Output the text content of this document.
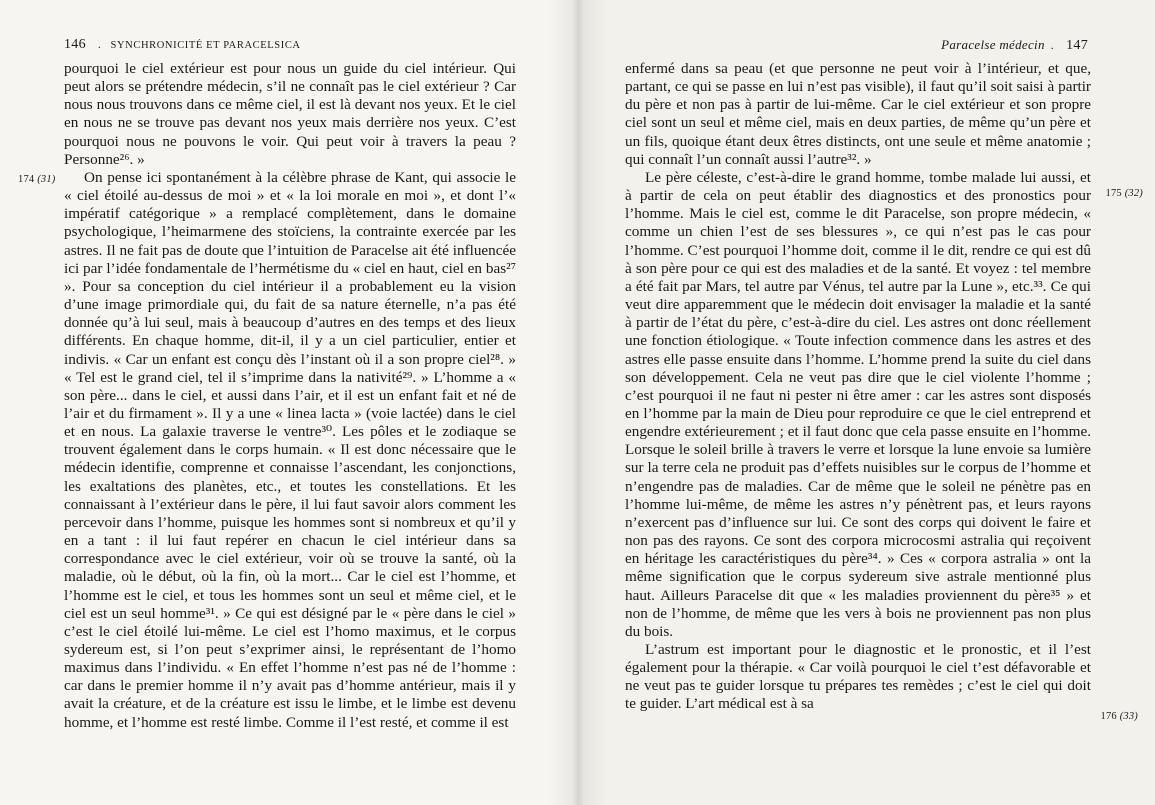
146 . SYNCHRONICITÉ ET PARACELSICA
174 (31)

pourquoi le ciel extérieur est pour nous un guide du ciel intérieur. Qui peut alors se prétendre médecin, s’il ne connaît pas le ciel extérieur ? Car nous nous trouvons dans ce même ciel, il est là devant nos yeux. Et le ciel en nous ne se trouve pas devant nos yeux mais derrière nos yeux. C’est pourquoi nous ne pouvons le voir. Qui peut voir à travers la peau ? Personne²⁶. »

On pense ici spontanément à la célèbre phrase de Kant, qui associe le « ciel étoilé au-dessus de moi » et « la loi morale en moi », et dont l’« impératif catégorique » a remplacé complètement, dans le domaine psychologique, l’heimarmene des stoïciens, la contrainte exercée par les astres. Il ne fait pas de doute que l’intuition de Paracelse ait été influencée ici par l’idée fondamentale de l’hermétisme du « ciel en haut, ciel en bas²⁷ ». Pour sa conception du ciel intérieur il a probablement eu la vision d’une image primordiale qui, du fait de sa nature éternelle, n’a pas été donnée qu’à lui seul, mais à beaucoup d’autres en des temps et des lieux différents. En chaque homme, dit-il, il y a un ciel particulier, entier et indivis. « Car un enfant est conçu dès l’instant où il a son propre ciel²⁸. » « Tel est le grand ciel, tel il s’imprime dans la nativité²⁹. » L’homme a « son père... dans le ciel, et aussi dans l’air, et il est un enfant fait et né de l’air et du firmament ». Il y a une « linea lacta » (voie lactée) dans le ciel et en nous. La galaxie traverse le ventre³⁰. Les pôles et le zodiaque se trouvent également dans le corps humain. « Il est donc nécessaire que le médecin identifie, comprenne et connaisse l’ascendant, les conjonctions, les exaltations des planètes, etc., et toutes les constellations. Et les connaissant à l’extérieur dans le père, il lui faut savoir alors comment les percevoir dans l’homme, puisque les hommes sont si nombreux et qu’il y en a tant : il lui faut repérer en chacun le ciel intérieur dans sa correspondance avec le ciel extérieur, voir où se trouve la santé, où la maladie, où le début, où la fin, où la mort... Car le ciel est l’homme, et l’homme est le ciel, et tous les hommes sont un seul et même ciel, et le ciel est un seul homme³¹. » Ce qui est désigné par le « père dans le ciel » c’est le ciel étoilé lui-même. Le ciel est l’homo maximus, et le corpus sydereum est, si l’on peut s’exprimer ainsi, le représentant de l’homo maximus dans l’individu. « En effet l’homme n’est pas né de l’homme : car dans le premier homme il n’y avait pas d’homme antérieur, mais il y avait la créature, et de la créature est issu le limbe, et le limbe est devenu homme, et l’homme est resté limbe. Comme il l’est resté, et comme il est

Paracelse médecin . 147
175 (32)
176 (33)

enfermé dans sa peau (et que personne ne peut voir à l’intérieur, et que, partant, ce qui se passe en lui n’est pas visible), il faut qu’il soit saisi à partir du père et non pas à partir de lui-même. Car le ciel extérieur et son propre ciel sont un seul et même ciel, mais en deux parties, de même qu’un père et un fils, quoique étant deux êtres distincts, ont une seule et même anatomie ; qui connaît l’un connaît aussi l’autre³². »

Le père céleste, c’est-à-dire le grand homme, tombe malade lui aussi, et à partir de cela on peut établir des diagnostics et des pronostics pour l’homme. Mais le ciel est, comme le dit Paracelse, son propre médecin, « comme un chien l’est de ses blessures », ce qui n’est pas le cas pour l’homme. C’est pourquoi l’homme doit, comme il le dit, rendre ce qui est dû à son père pour ce qui est des maladies et de la santé. Et voyez : tel membre a été fait par Mars, tel autre par Vénus, tel autre par la Lune », etc.³³. Ce qui veut dire apparemment que le médecin doit envisager la maladie et la santé à partir de l’état du père, c’est-à-dire du ciel. Les astres ont donc réellement une fonction étiologique. « Toute infection commence dans les astres et des astres elle passe ensuite dans l’homme. L’homme prend la suite du ciel dans son développement. Cela ne veut pas dire que le ciel violente l’homme ; c’est pourquoi il ne faut ni pester ni être amer : car les astres sont disposés en l’homme par la main de Dieu pour reproduire ce que le ciel entreprend et engendre extérieurement ; et il faut donc que cela passe ensuite en l’homme. Lorsque le soleil brille à travers le verre et lorsque la lune envoie sa lumière sur la terre cela ne produit pas d’effets nuisibles sur le corpus de l’homme et n’engendre pas de maladies. Car de même que le soleil ne pénètre pas en l’homme lui-même, de même les astres n’y pénètrent pas, et leurs rayons n’exercent pas d’influence sur lui. Ce sont des corps qui doivent le faire et non pas des rayons. Ce sont des corpora microcosmi astralia qui reçoivent en héritage les caractéristiques du père³⁴. » Ces « corpora astralia » ont la même signification que le corpus sydereum sive astrale mentionné plus haut. Ailleurs Paracelse dit que « les maladies proviennent du père³⁵ » et non de l’homme, de même que les vers à bois ne proviennent pas non plus du bois.

L’astrum est important pour le diagnostic et le pronostic, et il l’est également pour la thérapie. « Car voilà pourquoi le ciel t’est défavorable et ne veut pas te guider lorsque tu prépares tes remèdes ; c’est le ciel qui doit te guider. L’art médical est à sa
